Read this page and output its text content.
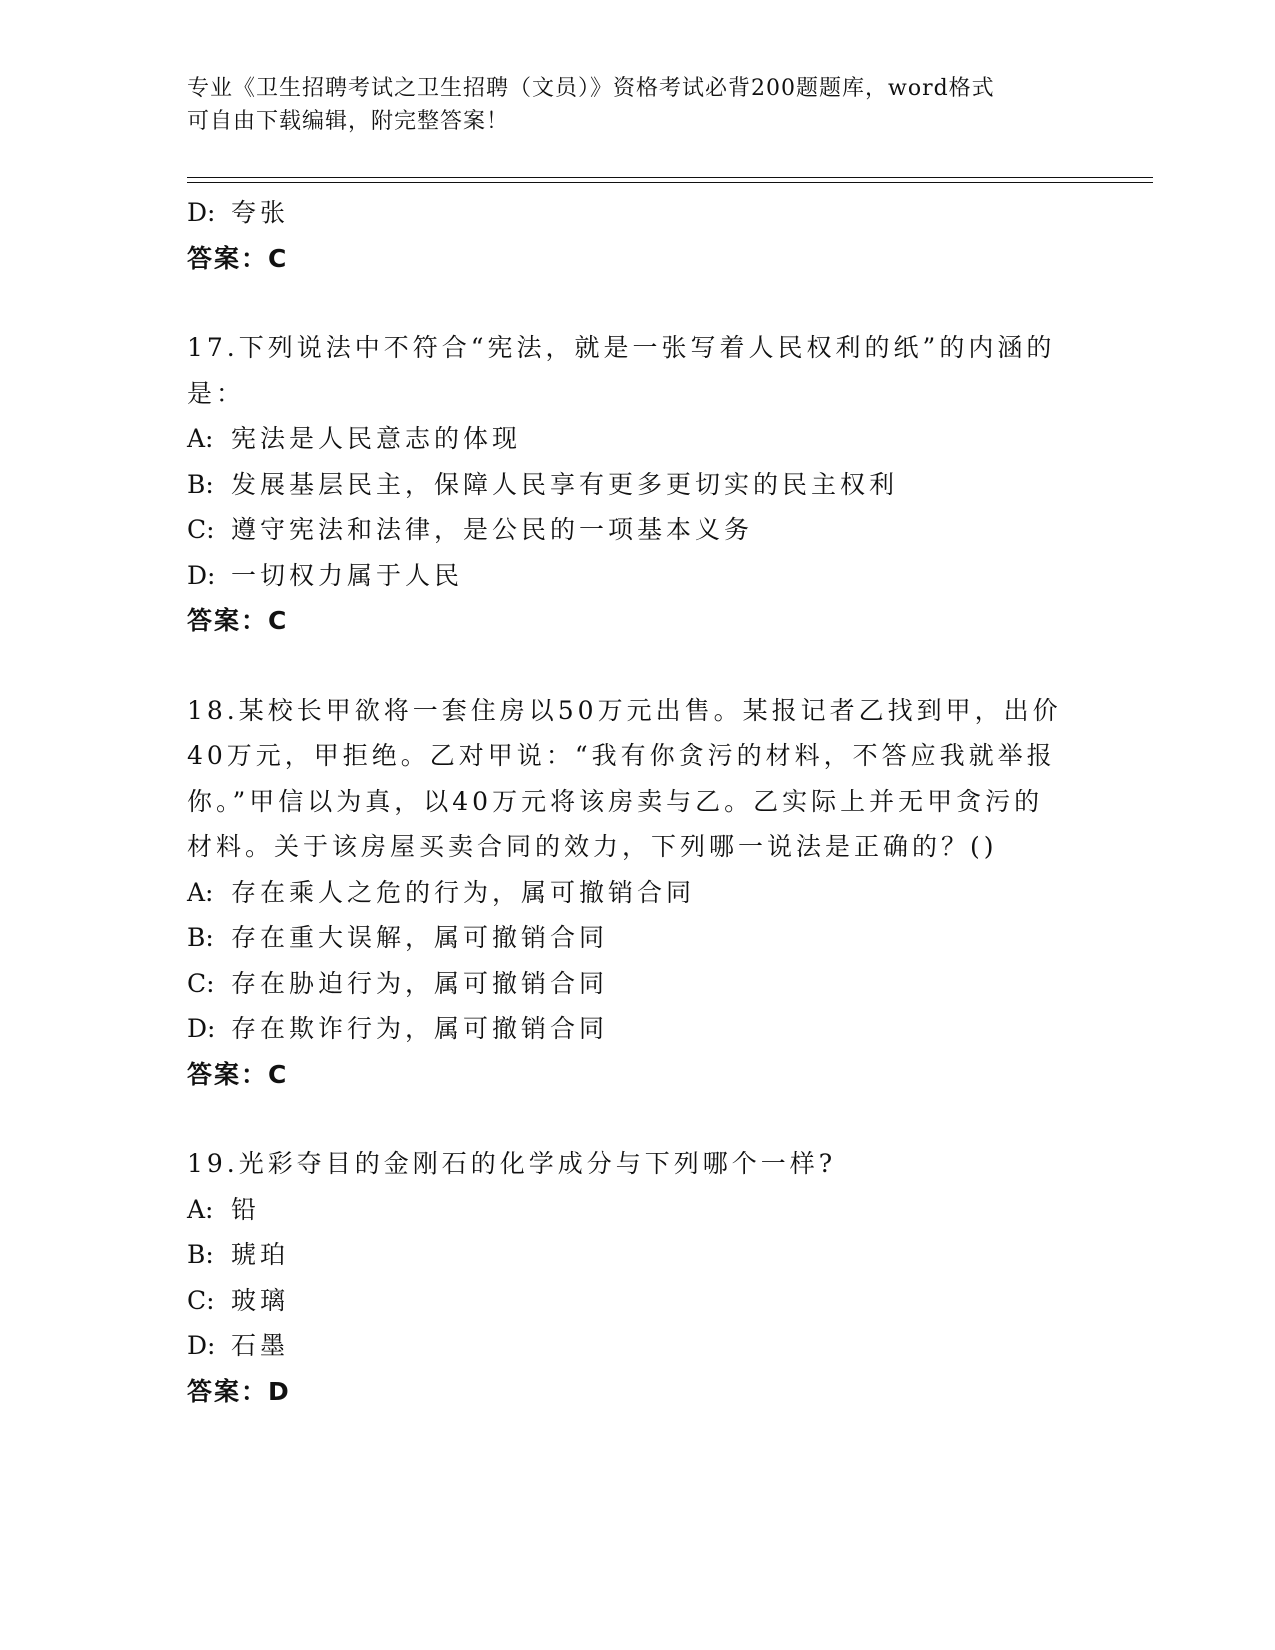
专业《卫生招聘考试之卫生招聘（文员）》资格考试必背200题题库，word格式
可自由下载编辑，附完整答案！
D: 夸张
答案：C
17.下列说法中不符合“宪法，就是一张写着人民权利的纸”的内涵的
是：
A: 宪法是人民意志的体现
B: 发展基层民主，保障人民享有更多更切实的民主权利
C: 遵守宪法和法律，是公民的一项基本义务
D: 一切权力属于人民
答案：C
18.某校长甲欲将一套住房以50万元出售。某报记者乙找到甲，出价
40万元，甲拒绝。乙对甲说：“我有你贪污的材料，不答应我就举报
你。”甲信以为真，以40万元将该房卖与乙。乙实际上并无甲贪污的
材料。关于该房屋买卖合同的效力，下列哪一说法是正确的？()
A: 存在乘人之危的行为，属可撤销合同
B: 存在重大误解，属可撤销合同
C: 存在胁迫行为，属可撤销合同
D: 存在欺诈行为，属可撤销合同
答案：C
19.光彩夺目的金刚石的化学成分与下列哪个一样?
A: 铅
B: 琥珀
C: 玻璃
D: 石墨
答案：D
